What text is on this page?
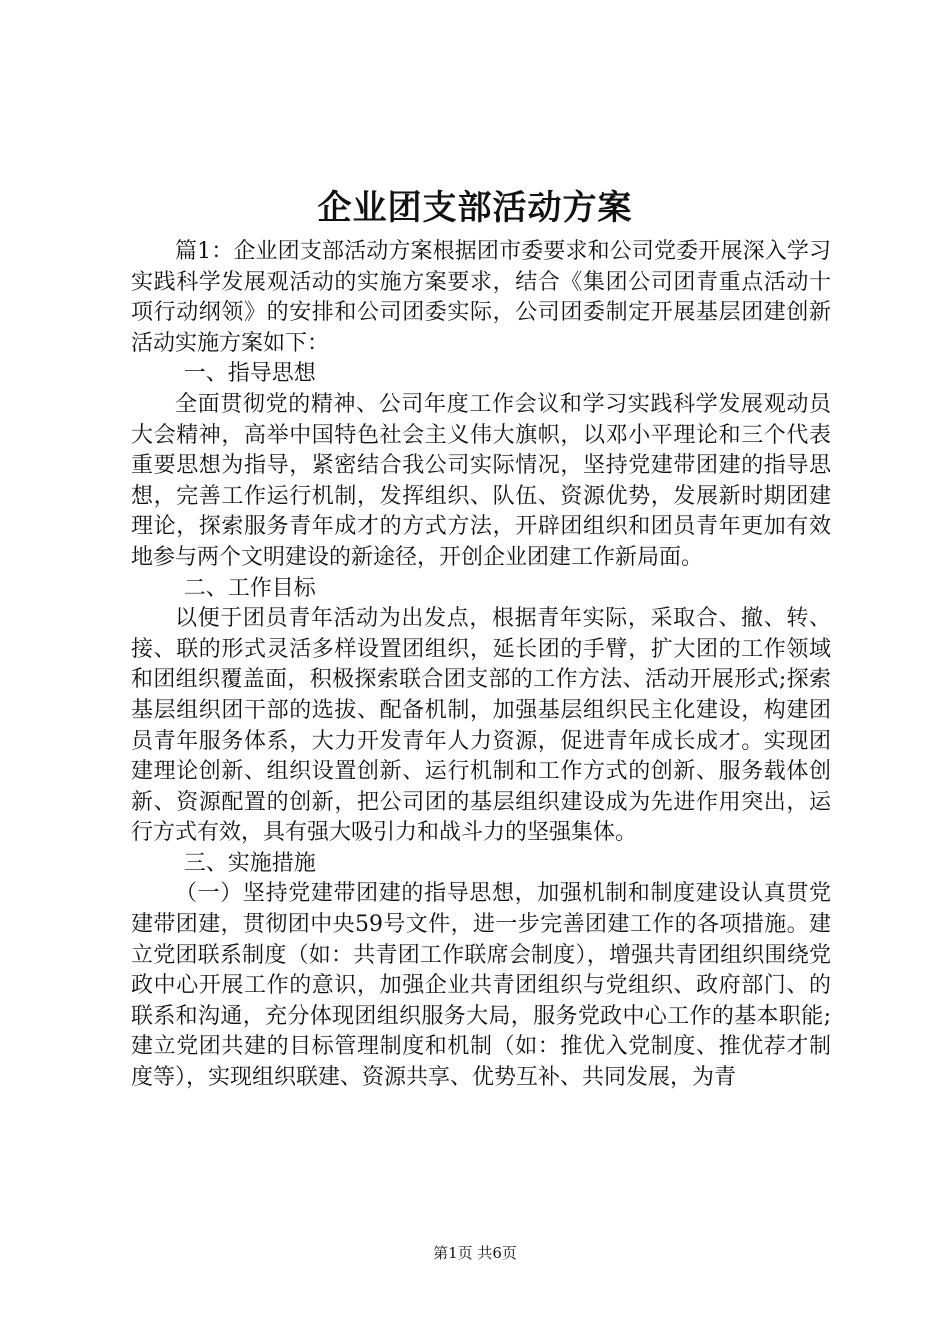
企业团支部活动方案

篇1：企业团支部活动方案根据团市委要求和公司党委开展深入学习实践科学发展观活动的实施方案要求，结合《集团公司团青重点活动十项行动纲领》的安排和公司团委实际，公司团委制定开展基层团建创新活动实施方案如下：

一、指导思想

全面贯彻党的精神、公司年度工作会议和学习实践科学发展观动员大会精神，高举中国特色社会主义伟大旗帜，以邓小平理论和三个代表重要思想为指导，紧密结合我公司实际情况，坚持党建带团建的指导思想，完善工作运行机制，发挥组织、队伍、资源优势，发展新时期团建理论，探索服务青年成才的方式方法，开辟团组织和团员青年更加有效地参与两个文明建设的新途径，开创企业团建工作新局面。

二、工作目标

以便于团员青年活动为出发点，根据青年实际，采取合、撤、转、接、联的形式灵活多样设置团组织，延长团的手臂，扩大团的工作领域和团组织覆盖面，积极探索联合团支部的工作方法、活动开展形式;探索基层组织团干部的选拔、配备机制，加强基层组织民主化建设，构建团员青年服务体系，大力开发青年人力资源，促进青年成长成才。实现团建理论创新、组织设置创新、运行机制和工作方式的创新、服务载体创新、资源配置的创新，把公司团的基层组织建设成为先进作用突出，运行方式有效，具有强大吸引力和战斗力的坚强集体。

三、实施措施

（一）坚持党建带团建的指导思想，加强机制和制度建设认真贯党建带团建，贯彻团中央59号文件，进一步完善团建工作的各项措施。建立党团联系制度（如：共青团工作联席会制度），增强共青团组织围绕党政中心开展工作的意识，加强企业共青团组织与党组织、政府部门、的联系和沟通，充分体现团组织服务大局，服务党政中心工作的基本职能;建立党团共建的目标管理制度和机制（如：推优入党制度、推优荐才制度等），实现组织联建、资源共享、优势互补、共同发展，为青

第1页 共6页
